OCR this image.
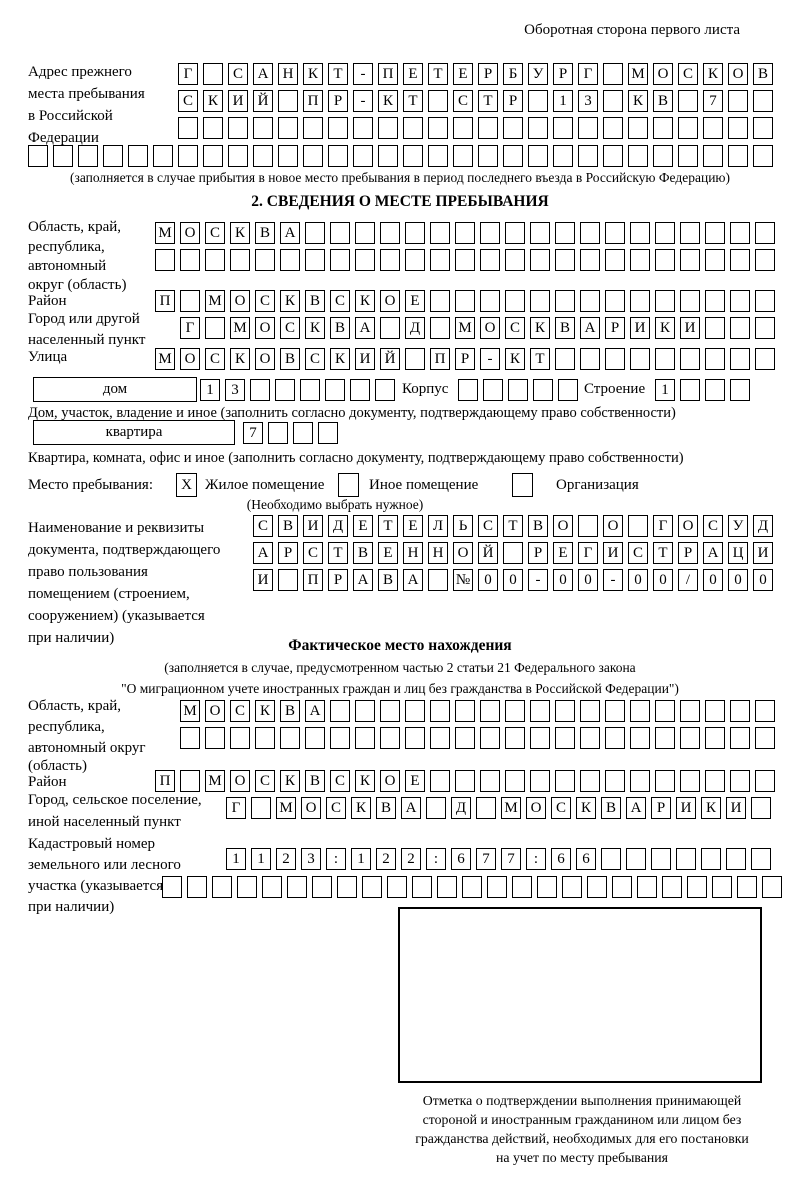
Оборотная сторона первого листа
Адрес прежнего
места пребывания
в Российской
Федерации
Г	С А Н К	Т	-	П Е	Т	Е	Р	Б	У	Р	Г	М О С К О В
С К И Й	П	Р	-	К	Т	С	Т	Р	1	3	К В	7
(заполняется в случае прибытия в новое место пребывания в период последнего въезда в Российскую Федерацию)
2. СВЕДЕНИЯ О МЕСТЕ ПРЕБЫВАНИЯ
Область, край,
республика,
автономный
округ (область)
М О С К В А
Район	П	М О С К В С К О Е
Город или другой
населенный пункт
Г	М О С К В А	Д	М О С К В А	Р	И К И
Улица	М О С К О В С К И Й	П	Р	-	К	Т
дом	1	3	Корпус	Строение	1
Дом, участок, владение и иное (заполнить согласно документу, подтверждающему право собственности)
квартира	7
Квартира, комната, офис и иное (заполнить согласно документу, подтверждающему право собственности)
Место пребывания:	X Жилое помещение	Иное помещение	Организация
(Необходимо выбрать нужное)
Наименование и реквизиты
документа, подтверждающего
право пользования
помещением (строением,
сооружением) (указывается
при наличии)
С В И Д	Е	Т	Е	Л	Ь	С	Т	В О	О	Г	О С У Д
А	Р	С	Т	В	Е	Н Н О Й	Р	Е	Г	И С	Т	Р	А Ц И
И	П	Р	А В А	№ 0	0	-	0	0	-	0	0	/	0	0	0
Фактическое место нахождения
(заполняется в случае, предусмотренном частью 2 статьи 21 Федерального закона
"О миграционном учете иностранных граждан и лиц без гражданства в Российской Федерации")
Область, край,
республика,
автономный округ
(область)
М О С К В А
Район	П	М О С К В С К О Е
Город, сельское поселение,
иной населенный пункт
Г	М О С К В А	Д	М О С К В А	Р	И К И
Кадастровый номер
земельного или лесного
участка (указывается
при наличии)
1	1	2	3	:	1	2	2	:	6	7	7	:	6	6
Отметка о подтверждении выполнения принимающей
стороной и иностранным гражданином или лицом без
гражданства действий, необходимых для его постановки
на учет по месту пребывания
